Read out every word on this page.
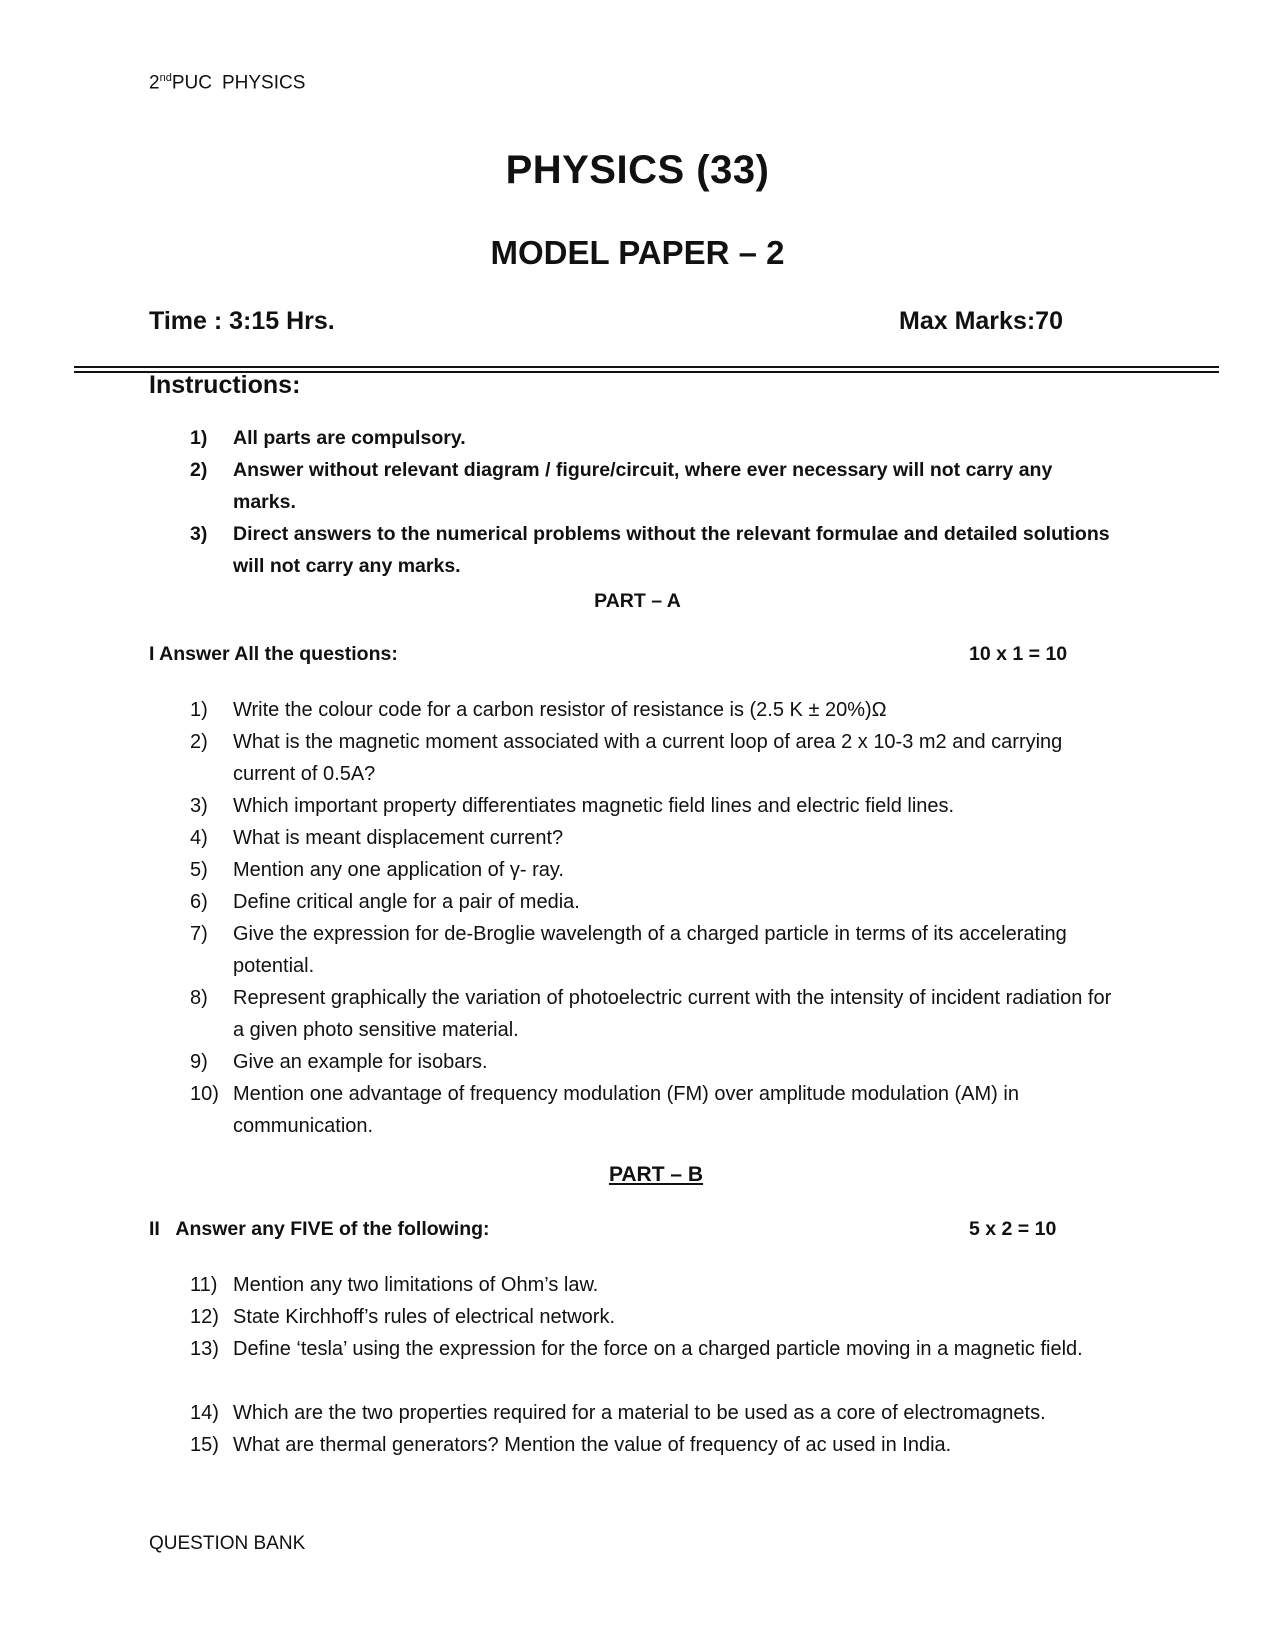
2ndPUC PHYSICS
PHYSICS (33)
MODEL PAPER – 2
Time : 3:15 Hrs.	Max Marks:70
Instructions:
1)	All parts are compulsory.
2)	Answer without relevant diagram / figure/circuit, where ever necessary will not carry any marks.
3)	Direct answers to the numerical problems without the relevant formulae and detailed solutions will not carry any marks.
PART – A
I Answer All the questions:	10 x 1 = 10
1)	Write the colour code for a carbon resistor of resistance is (2.5 K ± 20%)Ω
2)	What is the magnetic moment associated with a current loop of area 2 x 10-3 m2 and carrying current of 0.5A?
3)	Which important property differentiates magnetic field lines and electric field lines.
4)	What is meant displacement current?
5)	Mention any one application of γ- ray.
6)	Define critical angle for a pair of media.
7)	Give the expression for de-Broglie wavelength of a charged particle in terms of its accelerating potential.
8)	Represent graphically the variation of photoelectric current with the intensity of incident radiation for a given photo sensitive material.
9)	Give an example for isobars.
10) Mention one advantage of frequency modulation (FM) over amplitude modulation (AM) in communication.
PART – B
II   Answer any FIVE of the following:	5 x 2 = 10
11) Mention any two limitations of Ohm’s law.
12) State Kirchhoff’s rules of electrical network.
13) Define ‘tesla’ using the expression for the force on a charged particle moving in a magnetic field.
14) Which are the two properties required for a material to be used as a core of electromagnets.
15) What are thermal generators? Mention the value of frequency of ac used in India.
QUESTION BANK
